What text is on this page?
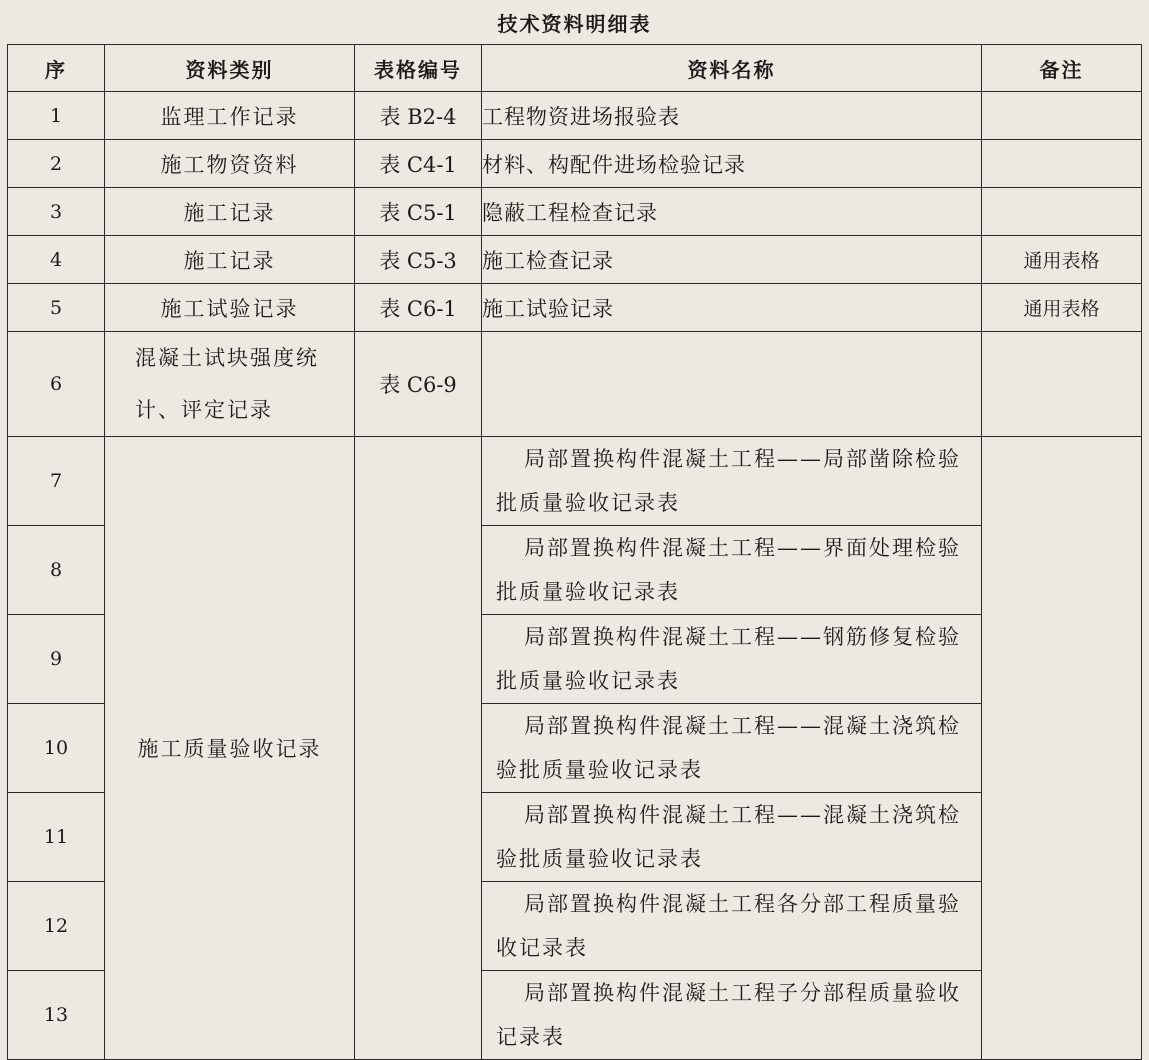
技术资料明细表
序	资料类别	表格编号	资料名称	备注
1	监理工作记录	表 B2-4	工程物资进场报验表	
2	施工物资资料	表 C4-1	材料、构配件进场检验记录	
3	施工记录	表 C5-1	隐蔽工程检查记录	
4	施工记录	表 C5-3	施工检查记录	通用表格
5	施工试验记录	表 C6-1	施工试验记录	通用表格
6	混凝土试块强度统计、评定记录	表 C6-9		
7	施工质量验收记录		局部置换构件混凝土工程——局部凿除检验批质量验收记录表	
8			局部置换构件混凝土工程——界面处理检验批质量验收记录表	
9			局部置换构件混凝土工程——钢筋修复检验批质量验收记录表	
10			局部置换构件混凝土工程——混凝土浇筑检验批质量验收记录表	
11			局部置换构件混凝土工程——混凝土浇筑检验批质量验收记录表	
12			局部置换构件混凝土工程各分部工程质量验收记录表	
13			局部置换构件混凝土工程子分部程质量验收记录表	
